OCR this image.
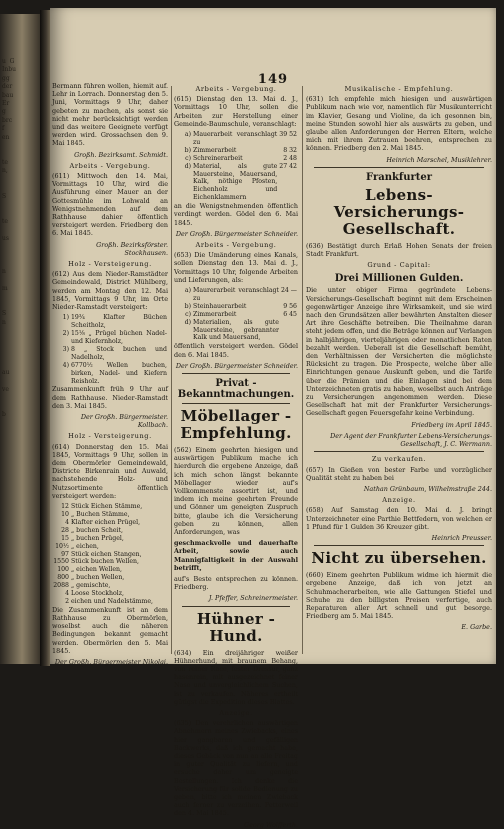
u  G
Inbu
gg
der
bau
Er
g
brc
f
en

te
n,

S

te

us

n

m

S
n

au

ve

b
149

Bermann führen wollen, hiemit auf. Lehr in Lorrach. Donnerstag den 5. Juni, Vormittags 9 Uhr, daher gebeten zu machen, als sonst sie nicht mehr berücksichtigt werden und das weitere Geeignete verfügt werden wird. Grossachsen den 9. Mai 1845.

Großh. Bezirksamt. Schmidt.
Arbeits - Vergebung.

(611) Mittwoch den 14. Mai, Vormittags 10 Uhr, wird die Ausführung einer Mauer an der Gottesmühle im Lohwald an Wenigstnehmenden auf dem Rathhause dahier öffentlich versteigert werden. Friedberg den 6. Mai 1845.

Großh. Bezirksförster. Stockhausen.
Holz - Versteigerung.

(612) Aus dem Nieder-Ramstädter Gemeindewald, District Mühlberg, werden am Montag den 12. Mai 1845, Vormittags 9 Uhr, im Orte Nieder-Ramstadt versteigert:

1)	19¾ Klafter Büchen Scheitholz,
2)	15⅛ „ Prügel büchen Nadel- und Kiefernholz,
3)	8 „ Stock buchen und Nadelholz,
4)	6770½ Wellen buchen, birken, Nadel- und Kiefern Reisholz.

Zusammenkunft früh 9 Uhr auf dem Rathhause. Nieder-Ramstadt den 3. Mai 1845.

Der Großh. Bürgermeister. Kollbach.
Holz - Versteigerung.

(614) Donnerstag den 15. Mai 1845, Vormittags 9 Uhr, sollen in dem Obermörler Gemeindewald, Districte Birkenrain und Auwald, nachstehende Holz- und Nutzsortimente öffentlich versteigert werden:

12	Stück Eichen Stämme,
10	„ Buchen Stämme,
4	Klafter eichen Prügel,
28	„ buchen Scheit,
15	„ buchen Prügel,
10½	„ eichen,
97	Stück eichen Stangen,
1550	Stück buchen Wellen,
100	„ eichen Wellen,
800	„ buchen Wellen,
2088	„ gemischte,
4	Loose Stockholz,
2	eichen und Nadelstämme,

Die Zusammenkunft ist an dem Rathhause zu Obermörlen, woselbst auch die näheren Bedingungen bekannt gemacht werden. Obermörlen den 5. Mai 1845.

Der Großh. Bürgermeister Nikolai.
Arbeits - Vergebung.

(615) Dienstag den 13. Mai d. J., Vormittags 10 Uhr, sollen die Arbeiten zur Herstellung einer Gemeinde-Baumschule, veranschlagt:

a)	Mauerarbeit veranschlagt zu	39 52
b)	Zimmerarbeit	8 32
c)	Schreinerarbeit	2 48
d)	Material, als gute Mauersteine, Mauersand, Kalk, nöthige Pfosten, Eichenholz und Eichenklammern	27 42

an die Wenigstnehmenden öffentlich verdingt werden. Gödel den 6. Mai 1845.

Der Großh. Bürgermeister Schneider.
Arbeits - Vergebung.

(653) Die Umänderung eines Kanals, sollen Dienstag den 13. Mai d. J., Vormittags 10 Uhr, folgende Arbeiten und Lieferungen, als:

a)	Maurerarbeit veranschlagt zu	24 —
b)	Steinhauerarbeit	9 56
c)	Zimmerarbeit	6 45
d)	Materialien, als gute Mauersteine, gebrannter Kalk und Mauersand,	

öffentlich versteigert werden. Gödel den 6. Mai 1845.

Der Großh. Bürgermeister Schneider.
Privat - Bekanntmachungen.
Möbellager - Empfehlung.

(562) Einem geehrten hiesigen und auswärtigen Publikum mache ich hierdurch die ergebene Anzeige, daß ich mich schon längst bekannte Möbellager wieder auf's Vollkommenste assortirt ist, und indem ich meine geehrten Freunde und Gönner um geneigten Zuspruch bitte, glaube ich die Versicherung geben zu können, allen Anforderungen, was

geschmackvolle und dauerhafte Arbeit, sowie auch Mannigfaltigkeit in der Auswahl betrifft,

auf's Beste entsprechen zu können. Friedberg.

J. Pfeffer, Schreinermeister.
Hühner - Hund.

(634) Ein dreijähriger weißer Hühnerhund, mit braunem Behang, von reiner Race, fester Dressur, ganz hasenrein, mit ausgezeichnet feiner Nase und unvergleichlichem Suchen, ist zu verkaufen. Näheres ertheilt gütigst die Expedition dieses Blattes.

Anzeige.

(635) Den verehrlichen auswärtigen Abnehmern meines Zwiebacks, eines hier gangbaren und gefälligen Backwerks, daß ich gemacht habe, dieses Gebäck von nun an alle Freitag in guter Qualität zu liefern, und ersuche daher um geneigte Bestellungen. Ich denke die Versicherung für solide Bedienung zu geben, bitte ich meinen Zwieback auch ferner zu verzeihen. Petterweil den 4. Mai 1845.

Georg Wolfferth.
Musikalische - Empfehlung.

(631) Ich empfehle mich hiesigen und auswärtigen Publikum nach wie vor, namentlich für Musikunterricht im Klavier, Gesang und Violine, da ich gesonnen bin, meine Stunden sowohl hier als auswärts zu geben, und glaube allen Anforderungen der Herren Eltern, welche mich mit ihrem Zutrauen beehren, entsprechen zu können. Friedberg den 2. Mai 1845.

Heinrich Marschel, Musiklehrer.
Frankfurter
Lebens-Versicherungs-Gesellschaft.

(636) Bestätigt durch Erlaß Hohen Senats der freien Stadt Frankfurt.

Grund - Capital:
Drei Millionen Gulden.

Die unter obiger Firma gegründete Lebens-Versicherungs-Gesellschaft beginnt mit dem Erscheinen gegenwärtiger Anzeige ihre Wirksamkeit, und sie wird nach den Grundsätzen aller bewährten Anstalten dieser Art ihre Geschäfte betreiben. Die Theilnahme daran steht jedem offen, und die Beträge können auf Verlangen in halbjährigen, vierteljährigen oder monatlichen Raten bezahlt werden. Ueberall ist die Gesellschaft bemüht, den Verhältnissen der Versicherten die möglichste Rücksicht zu tragen. Die Prospecte, welche über alle Einrichtungen genaue Auskunft geben, und die Tarife über die Prämien und die Einlagen sind bei dem Unterzeichneten gratis zu haben, woselbst auch Anträge zu Versicherungen angenommen werden. Diese Gesellschaft hat mit der Frankfurter Versicherungs-Gesellschaft gegen Feuersgefahr keine Verbindung.

Friedberg im April 1845.
Der Agent der Frankfurter Lebens-Versicherungs-Gesellschaft, J. C. Wermann.
Zu verkaufen.

(657) In Gießen von bester Farbe und vorzüglicher Qualität steht zu haben bei

Nathan Grünbaum, Wilhelmstraße 244.
Anzeige.

(658) Auf Samstag den 10. Mai d. J. bringt Unterzeichneter eine Parthie Bettfedern, von welchen er 1 Pfund für 1 Gulden 36 Kreuzer gibt.

Heinrich Preusser.
Nicht zu übersehen.

(660) Einem geehrten Publikum widme ich hiermit die ergebene Anzeige, daß ich von jetzt an Schuhmacherarbeiten, wie alle Gattungen Stiefel und Schuhe zu den billigsten Preisen verfertige, auch Reparaturen aller Art schnell und gut besorge. Friedberg am 5. Mai 1845.

E. Garbe.
